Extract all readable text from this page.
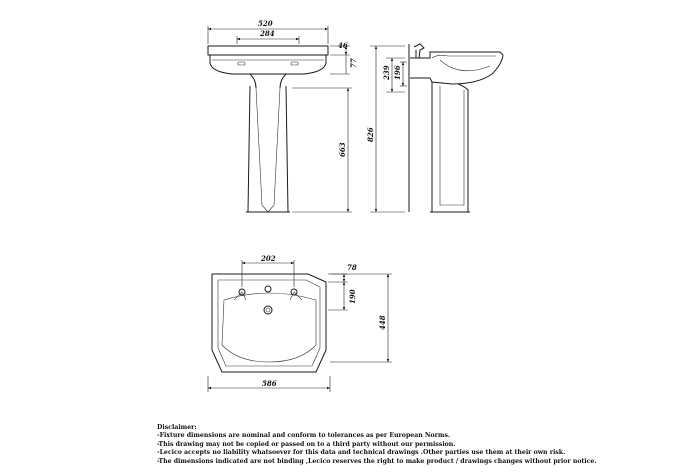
520
284
46
77
663
826
239 196
202
78
190
448
586
Disclaimer:
-Fixture dimensions are nominal and conform to tolerances as per European Norms.
-This drawing may not be copied or passed on to a third party without our permission.
-Lecico accepts no liability whatsoever for this data and technical drawings .Other parties use them at their own risk.
-The dimensions indicated are not binding ,Lecico reserves the right to make product / drawings changes without prior notice.
